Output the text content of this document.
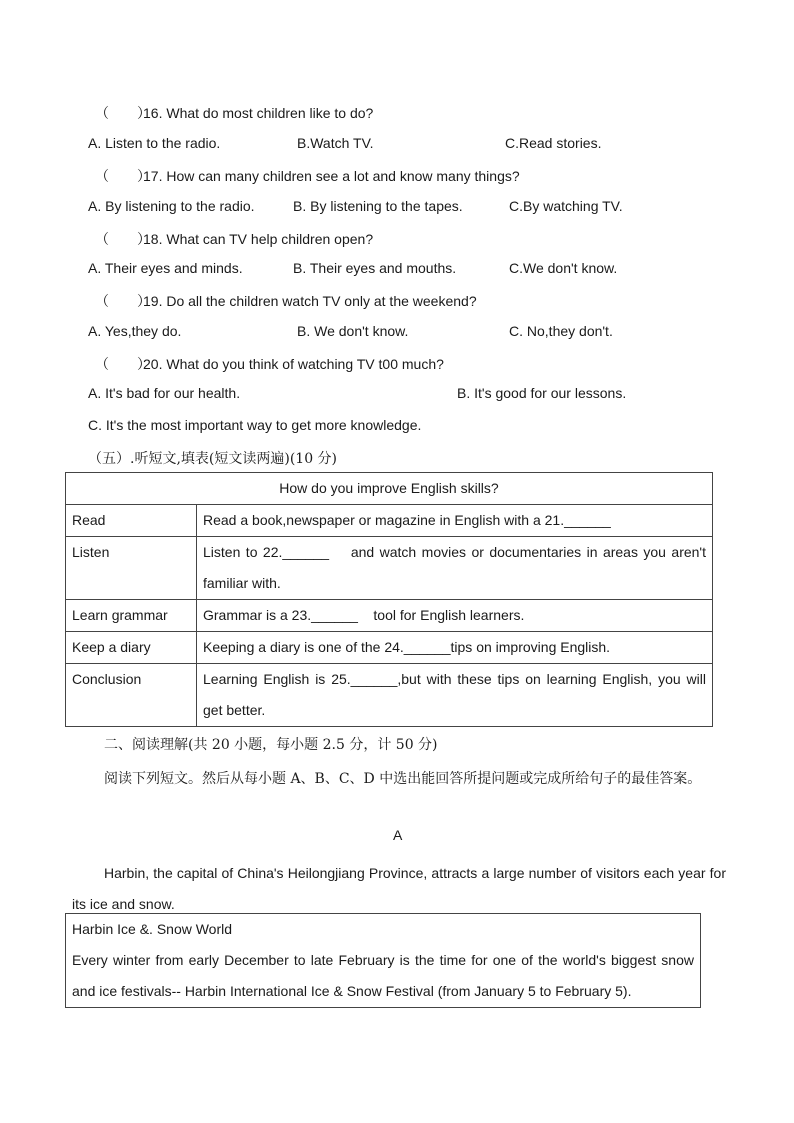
（　　）16. What do most children like to do?
A. Listen to the radio.	B.Watch TV.	C.Read stories.
（　　）17. How can many children see a lot and know many things?
A. By listening to the radio.	B. By listening to the tapes.	C.By watching TV.
（　　）18. What can TV help children open?
A. Their eyes and minds.	B. Their eyes and mouths.	C.We don't know.
（　　）19. Do all the children watch TV only at the weekend?
A. Yes,they do.	B. We don't know.	C. No,they don't.
（　　）20. What do you think of watching TV t00 much?
A. It's bad for our health.	B. It's good for our lessons.
C. It's the most important way to get more knowledge.
（五）.听短文,填表(短文读两遍)(10 分)
How do you improve English skills?	
Read	Read a book,newspaper or magazine in English with a 21.______
Listen	Listen to 22.______    and watch movies or documentaries in areas you aren't familiar with.
Learn grammar	Grammar is a 23.______    tool for English learners.
Keep a diary	Keeping a diary is one of the 24.______tips on improving English.
Conclusion	Learning English is 25.______,but with these tips on learning English, you will get better.
二、阅读理解(共 20 小题，每小题 2.5 分，计 50 分)
阅读下列短文。然后从每小题 A、B、C、D 中选出能回答所提问题或完成所给句子的最佳答案。
A
Harbin, the capital of China's Heilongjiang Province, attracts a large number of visitors each year for its ice and snow.
Harbin Ice &. Snow World
Every winter from early December to late February is the time for one of the world's biggest snow and ice festivals-- Harbin International Ice & Snow Festival (from January 5 to February 5).
